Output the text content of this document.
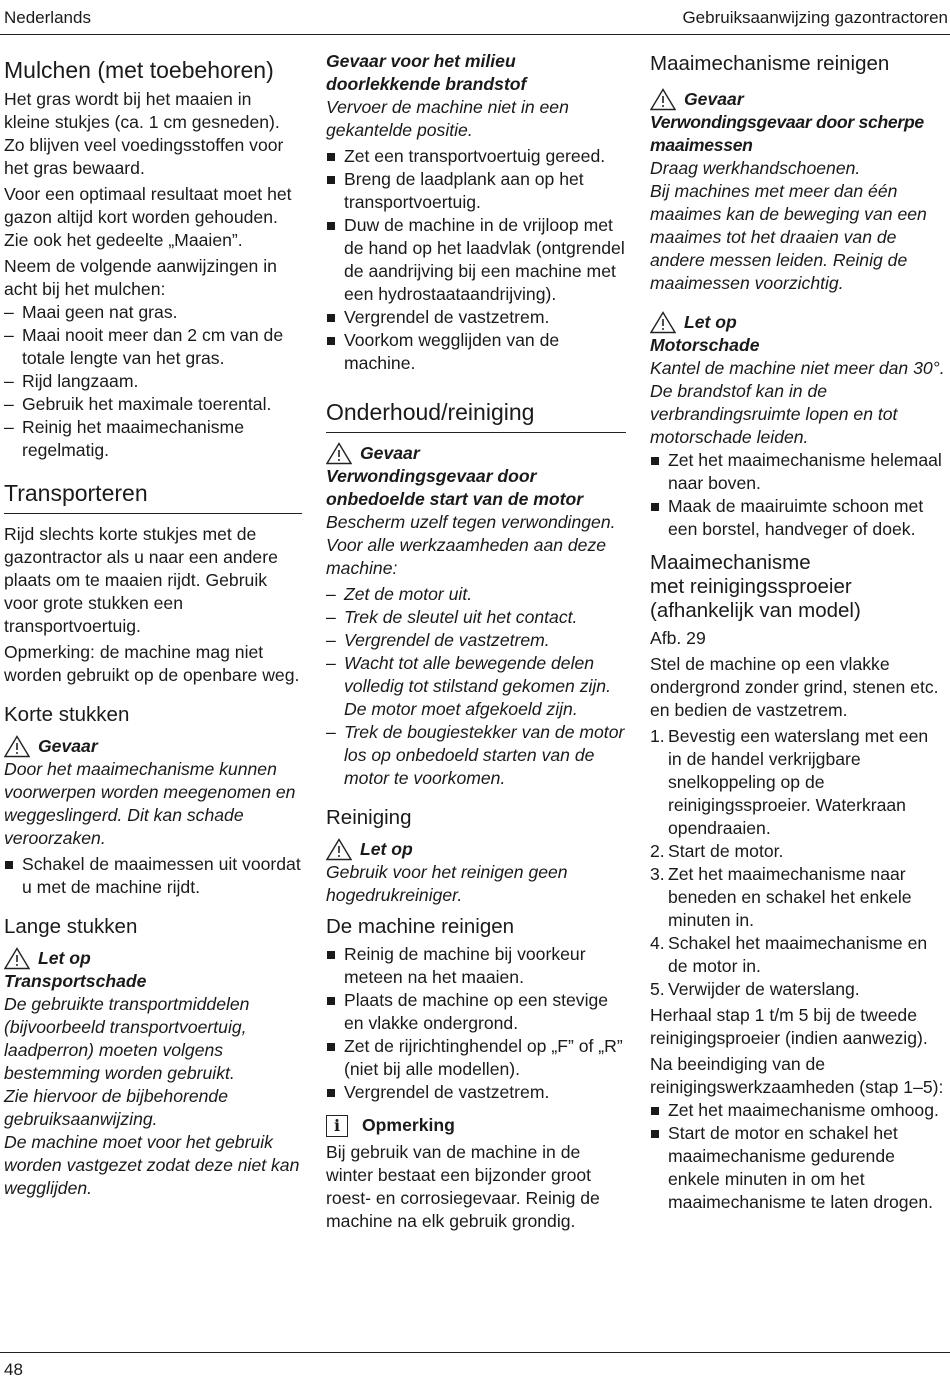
Nederlands	Gebruiksaanwijzing gazontractoren
Mulchen (met toebehoren)

Het gras wordt bij het maaien in kleine stukjes (ca. 1 cm gesneden). Zo blijven veel voedingsstoffen voor het gras bewaard.

Voor een optimaal resultaat moet het gazon altijd kort worden gehouden. Zie ook het gedeelte „Maaien”.

Neem de volgende aanwijzingen in acht bij het mulchen:

– Maai geen nat gras.
– Maai nooit meer dan 2 cm van de totale lengte van het gras.
– Rijd langzaam.
– Gebruik het maximale toerental.
– Reinig het maaimechanisme regelmatig.
Transporteren

Rijd slechts korte stukjes met de gazontractor als u naar een andere plaats om te maaien rijdt. Gebruik voor grote stukken een transportvoertuig.

Opmerking: de machine mag niet worden gebruikt op de openbare weg.

Korte stukken
Gevaar

Door het maaimechanisme kunnen voorwerpen worden meegenomen en weggeslingerd. Dit kan schade veroorzaken.

Schakel de maaimessen uit voordat u met de machine rijdt.
Lange stukken
Let op

Transportschade

De gebruikte transportmiddelen (bijvoorbeeld transportvoertuig, laadperron) moeten volgens bestemming worden gebruikt.

Zie hiervoor de bijbehorende gebruiksaanwijzing.

De machine moet voor het gebruik worden vastgezet zodat deze niet kan wegglijden.

Gevaar voor het milieu doorlekkende brandstof

Vervoer de machine niet in een gekantelde positie.

Zet een transportvoertuig gereed.
Breng de laadplank aan op het transportvoertuig.
Duw de machine in de vrijloop met de hand op het laadvlak (ontgrendel de aandrijving bij een machine met een hydrostaataandrijving).
Vergrendel de vastzetrem.
Voorkom wegglijden van de machine.
Onderhoud/reiniging
Gevaar

Verwondingsgevaar door onbedoelde start van de motor

Bescherm uzelf tegen verwondingen. Voor alle werkzaamheden aan deze machine:

– Zet de motor uit.
– Trek de sleutel uit het contact.
– Vergrendel de vastzetrem.
– Wacht tot alle bewegende delen volledig tot stilstand gekomen zijn. De motor moet afgekoeld zijn.
– Trek de bougiestekker van de motor los op onbedoeld starten van de motor te voorkomen.
Reiniging
Let op

Gebruik voor het reinigen geen hogedrukreiniger.

De machine reinigen
Reinig de machine bij voorkeur meteen na het maaien.
Plaats de machine op een stevige en vlakke ondergrond.
Zet de rijrichtinghendel op „F” of „R” (niet bij alle modellen).
Vergrendel de vastzetrem.
i	Opmerking

Bij gebruik van de machine in de winter bestaat een bijzonder groot roest- en corrosiegevaar. Reinig de machine na elk gebruik grondig.

Maaimechanisme reinigen
Gevaar

Verwondingsgevaar door scherpe maaimessen

Draag werkhandschoenen.

Bij machines met meer dan één maaimes kan de beweging van een maaimes tot het draaien van de andere messen leiden. Reinig de maaimessen voorzichtig.

Let op

Motorschade

Kantel de machine niet meer dan 30°. De brandstof kan in de verbrandingsruimte lopen en tot motorschade leiden.

Zet het maaimechanisme helemaal naar boven.
Maak de maairuimte schoon met een borstel, handveger of doek.
Maaimechanisme
met reinigingssproeier
(afhankelijk van model)

Afb. 29

Stel de machine op een vlakke ondergrond zonder grind, stenen etc. en bedien de vastzetrem.

1. Bevestig een waterslang met een in de handel verkrijgbare snelkoppeling op de reinigingssproeier. Waterkraan opendraaien.
2. Start de motor.
3. Zet het maaimechanisme naar beneden en schakel het enkele minuten in.
4. Schakel het maaimechanisme en de motor in.
5. Verwijder de waterslang.

Herhaal stap 1 t/m 5 bij de tweede reinigingsproeier (indien aanwezig).

Na beeindiging van de reinigingswerkzaamheden (stap 1–5):

Zet het maaimechanisme omhoog.
Start de motor en schakel het maaimechanisme gedurende enkele minuten in om het maaimechanisme te laten drogen.
48
